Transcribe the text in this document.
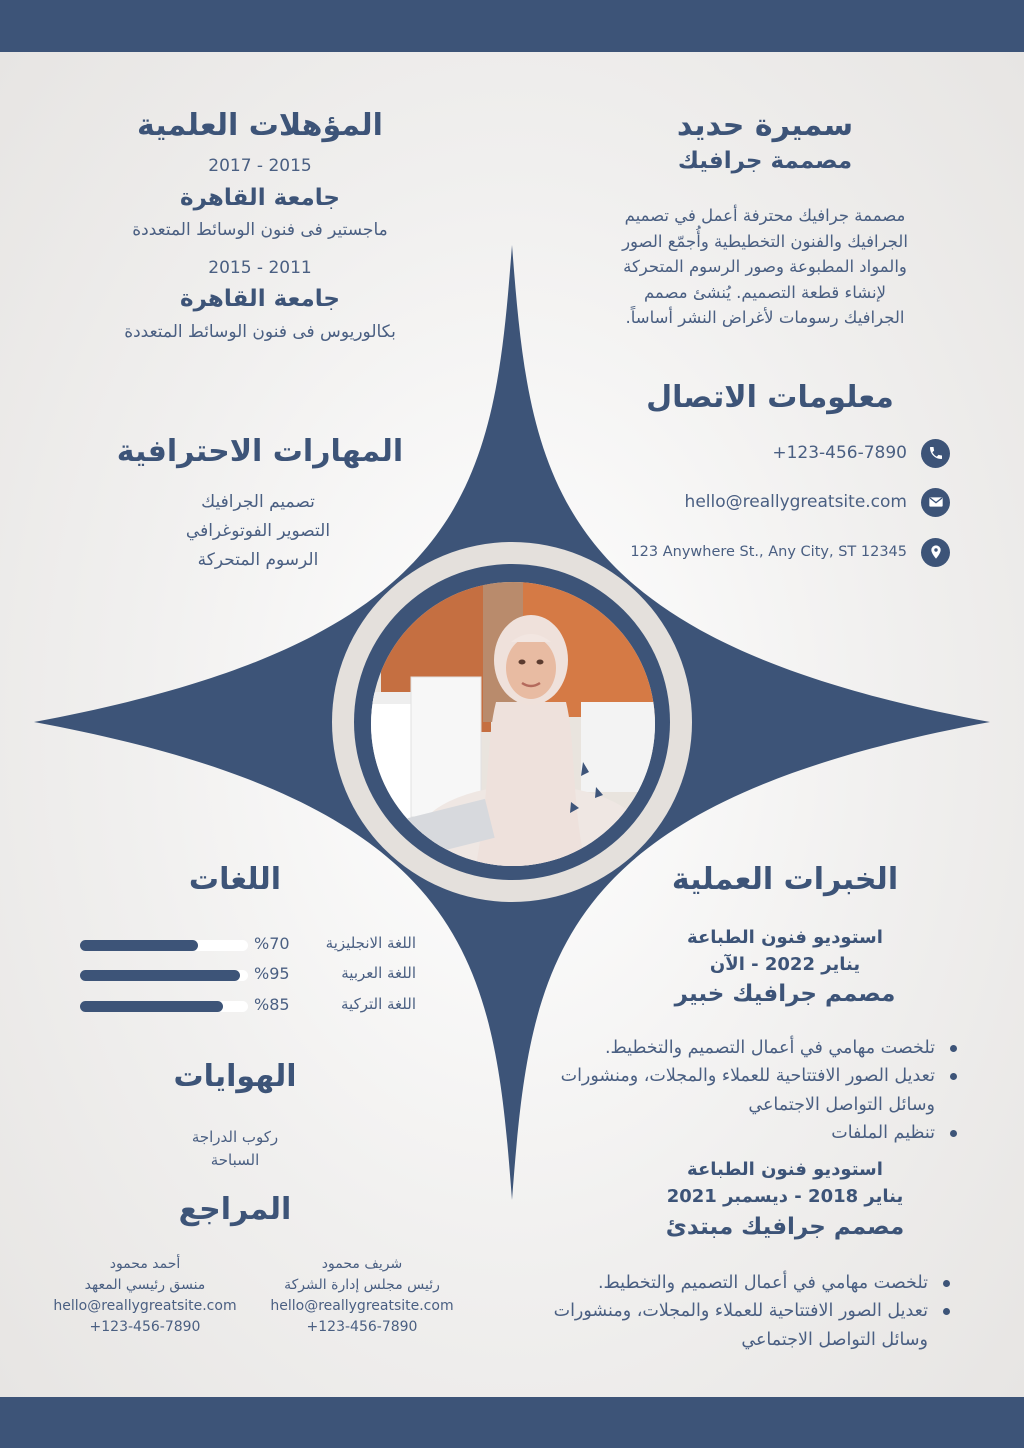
سميرة حديد
مصممة جرافيك
مصممة جرافيك محترفة أعمل في تصميم
الجرافيك والفنون التخطيطية وأُجمّع الصور
والمواد المطبوعة وصور الرسوم المتحركة
لإنشاء قطعة التصميم. يُنشئ مصمم
الجرافيك رسومات لأغراض النشر أساساً.
معلومات الاتصال
+123-456-7890
hello@reallygreatsite.com
123 Anywhere St., Any City, ST 12345
المؤهلات العلمية
2017 - 2015
جامعة القاهرة
ماجستير فى فنون الوسائط المتعددة
2015 - 2011
جامعة القاهرة
بكالوريوس فى فنون الوسائط المتعددة
المهارات الاحترافية
تصميم الجرافيك
التصوير الفوتوغرافي
الرسوم المتحركة
اللغات
اللغة الانجليزية
%70
اللغة العربية
%95
اللغة التركية
%85
الهوايات
ركوب الدراجة
السباحة
المراجع
شريف محمود
رئيس مجلس إدارة الشركة
hello@reallygreatsite.com
+123-456-7890
أحمد محمود
منسق رئيسي المعهد
hello@reallygreatsite.com
+123-456-7890
الخبرات العملية
استوديو فنون الطباعة
يناير 2022 - الآن
مصمم جرافيك خبير
تلخصت مهامي في أعمال التصميم والتخطيط.
تعديل الصور الافتتاحية للعملاء والمجلات، ومنشورات وسائل التواصل الاجتماعي
تنظيم الملفات
استوديو فنون الطباعة
يناير 2018 - ديسمبر 2021
مصمم جرافيك مبتدئ
تلخصت مهامي في أعمال التصميم والتخطيط.
تعديل الصور الافتتاحية للعملاء والمجلات، ومنشورات وسائل التواصل الاجتماعي
